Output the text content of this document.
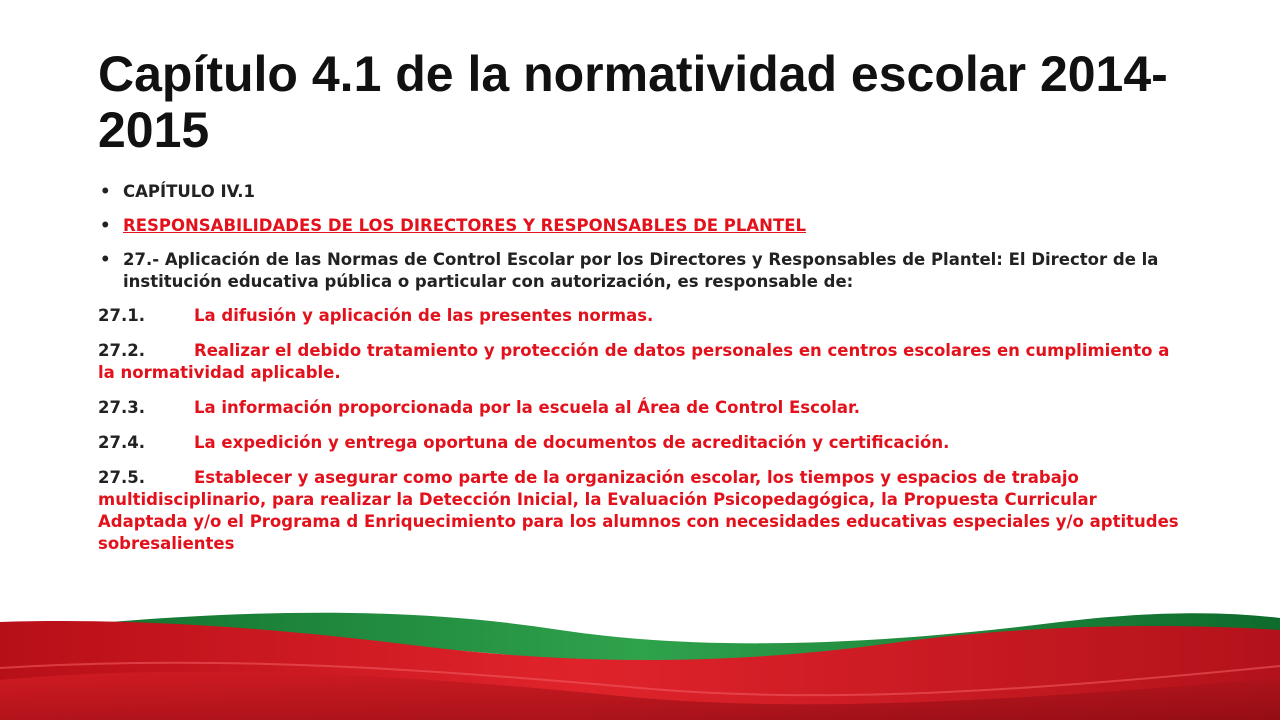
Capítulo 4.1 de la normatividad escolar 2014-2015
• CAPÍTULO IV.1
• RESPONSABILIDADES DE LOS DIRECTORES Y RESPONSABLES DE PLANTEL
• 27.- Aplicación de las Normas de Control Escolar por los Directores y Responsables de Plantel: El Director de la institución educativa pública o particular con autorización, es responsable de:
27.1.	La difusión y aplicación de las presentes normas.
27.2.	Realizar el debido tratamiento y protección de datos personales en centros escolares en cumplimiento a la normatividad aplicable.
27.3.	La información proporcionada por la escuela al Área de Control Escolar.
27.4.	La expedición y entrega oportuna de documentos de acreditación y certificación.
27.5.	Establecer y asegurar como parte de la organización escolar, los tiempos y espacios de trabajo multidisciplinario, para realizar la Detección Inicial, la Evaluación Psicopedagógica, la Propuesta Curricular Adaptada y/o el Programa d Enriquecimiento para los alumnos con necesidades educativas especiales y/o aptitudes sobresalientes
